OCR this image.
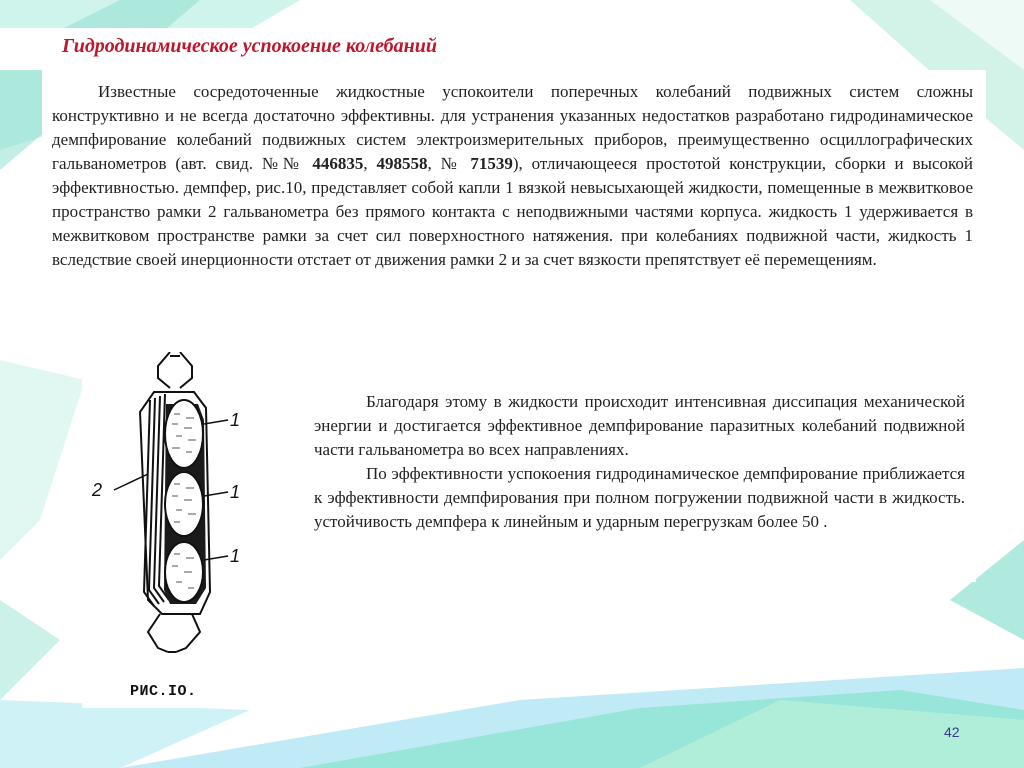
Гидродинамическое успокоение колебаний

Известные сосредоточенные жидкостные успокоители поперечных колебаний подвижных систем сложны конструктивно и не всегда достаточно эффективны. для устранения указанных недостатков разработано гидродинамическое демпфирование колебаний подвижных систем электроизмерительных приборов, преимущественно осциллографических гальванометров (авт. свид. №№ 446835, 498558, № 71539), отличающееся простотой конструкции, сборки и высокой эффективностью. демпфер, рис.10, представляет собой капли 1 вязкой невысыхающей жидкости, помещенные в межвитковое пространство рамки 2 гальванометра без прямого контакта с неподвижными частями корпуса. жидкость 1 удерживается в межвитковом пространстве рамки за счет сил поверхностного натяжения. при колебаниях подвижной части, жидкость 1 вследствие своей инерционности отстает от движения рамки 2 и за счет вязкости препятствует её перемещениям.

2
1
1
1

РИС.IO.

Благодаря этому в жидкости происходит интенсивная диссипация механической энергии и достигается эффективное демпфирование паразитных колебаний подвижной части гальванометра во всех направлениях.
По эффективности успокоения гидродинамическое демпфирование приближается к эффективности демпфирования при полном погружении подвижной части в жидкость. устойчивость демпфера к линейным и ударным перегрузкам более 50 .

42
